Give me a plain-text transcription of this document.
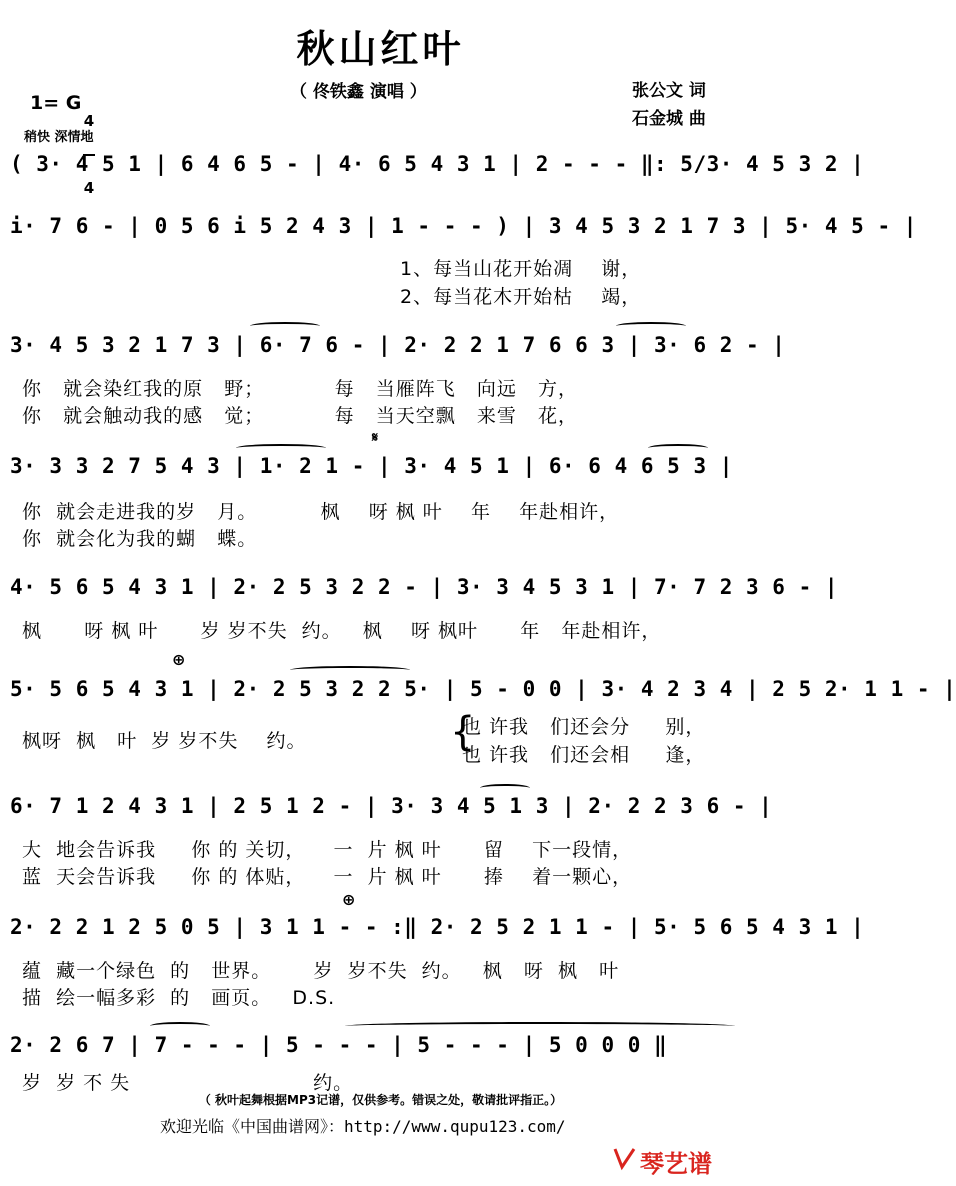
秋山红叶
（ 佟铁鑫 演唱 ）	张公文 词
石金城 曲
1= G

4

4

稍快 深情地
( 3· 4 5 1 | 6 4 6 5 - | 4· 6 5 4 3 1 | 2 - - - ‖: 5/3· 4 5 3 2 |
i· 7 6 - | 0 5 6 i 5 2 4 3 | 1 - - - ) | 3 4 5 3 2 1 7 3 | 5· 4 5 - |
1、每当山花开始凋    谢，
2、每当花木开始枯    竭，
3· 4 5 3 2 1 7 3 | 6· 7 6 - | 2· 2 2 1 7 6 6 3 | 3· 6 2 - |
你   就会染红我的原   野；          每   当雁阵飞   向远   方，
你   就会触动我的感   觉；          每   当天空飘   来雪   花，
𝄋
3· 3 3 2 7 5 4 3 | 1· 2 1 - | 3· 4 5 1 | 6· 6 4 6 5 3 |
你  就会走进我的岁   月。         枫    呀 枫 叶    年    年赴相许，
你  就会化为我的蝴   蝶。
4· 5 6 5 4 3 1 | 2· 2 5 3 2 2 - | 3· 3 4 5 3 1 | 7· 7 2 3 6 - |
枫      呀 枫 叶      岁 岁不失  约。   枫    呀 枫叶      年   年赴相许，
⊕
5· 5 6 5 4 3 1 | 2· 2 5 3 2 2 5· | 5 - 0 0 | 3· 4 2 3 4 | 2 5 2· 1 1 - |
枫呀  枫   叶  岁 岁不失    约。
也 许我   们还会分     别，
也 许我   们还会相     逢，
{
6· 7 1 2 4 3 1 | 2 5 1 2 - | 3· 3 4 5 1 3 | 2· 2 2 3 6 - |
大  地会告诉我     你 的 关切，    一  片 枫 叶      留    下一段情，
蓝  天会告诉我     你 的 体贴，    一  片 枫 叶      捧    着一颗心，
⊕
2· 2 2 1 2 5 0 5 | 3 1 1 - - :‖ 2· 2 5 2 1 1 - | 5· 5 6 5 4 3 1 |
蕴  藏一个绿色  的   世界。      岁  岁不失  约。   枫   呀  枫   叶
描  绘一幅多彩  的   画页。   D.S.
2· 2 6 7 | 7 - - - | 5 - - - | 5 - - - | 5 0 0 0 ‖
岁  岁 不 失                          约。
（ 秋叶起舞根据MP3记谱，仅供参考。错误之处，敬请批评指正。）
欢迎光临《中国曲谱网》：http://www.qupu123.com/
琴艺谱
